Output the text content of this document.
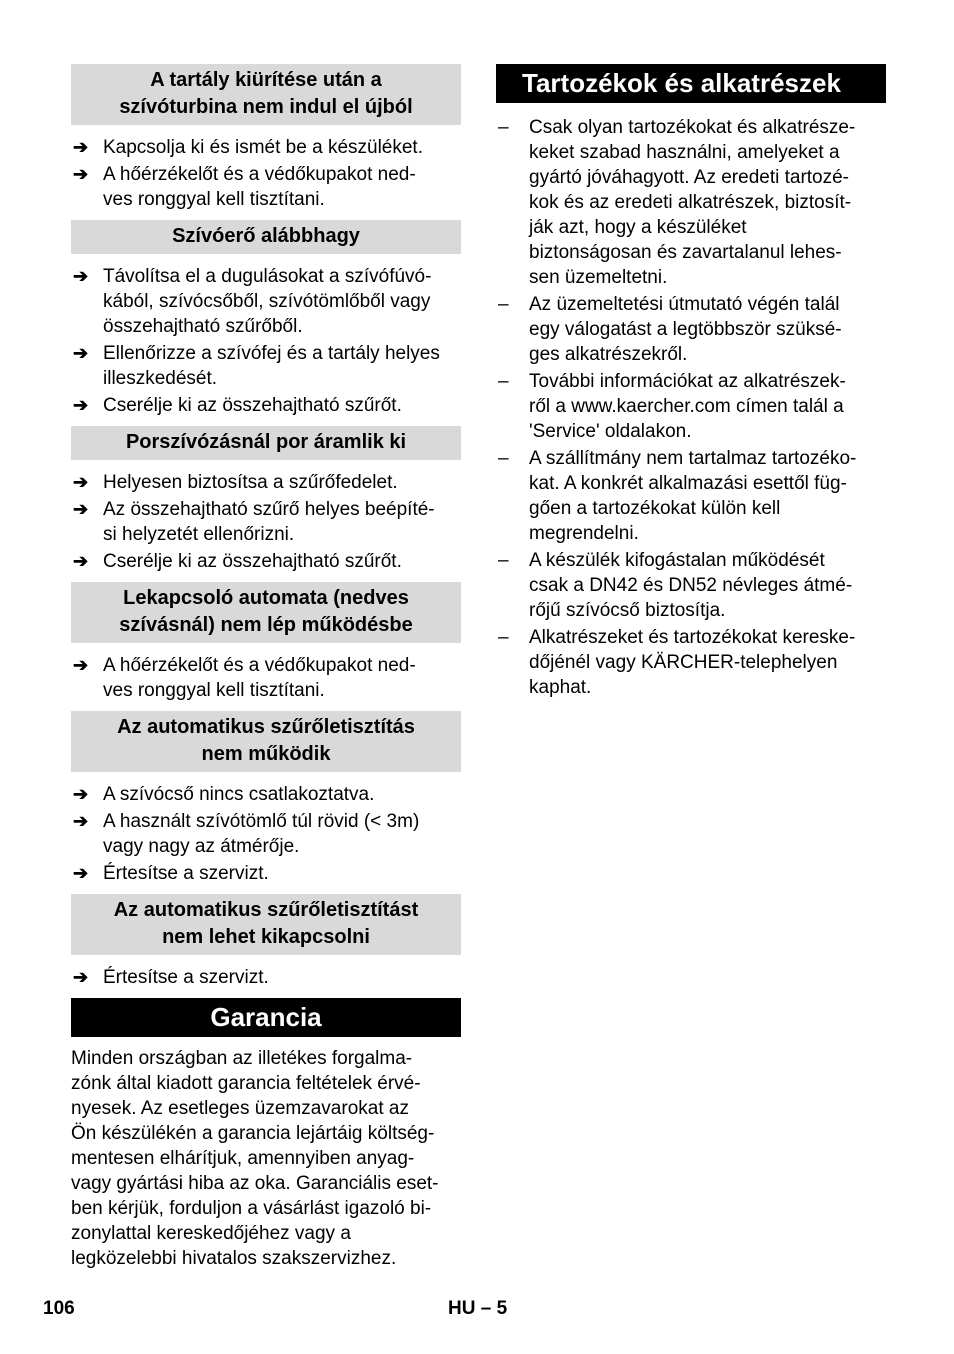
A tartály kiürítése után a
szívóturbina nem indul el újból
➔ Kapcsolja ki és ismét be a készüléket.
➔ A hőérzékelőt és a védőkupakot ned-
ves ronggyal kell tisztítani.
Szívóerő alábbhagy
➔ Távolítsa el a dugulásokat a szívófúvó-
kából, szívócsőből, szívótömlőből vagy
összehajtható szűrőből.
➔ Ellenőrizze a szívófej és a tartály helyes
illeszkedését.
➔ Cserélje ki az összehajtható szűrőt.
Porszívózásnál por áramlik ki
➔ Helyesen biztosítsa a szűrőfedelet.
➔ Az összehajtható szűrő helyes beépíté-
si helyzetét ellenőrizni.
➔ Cserélje ki az összehajtható szűrőt.
Lekapcsoló automata (nedves
szívásnál) nem lép működésbe
➔ A hőérzékelőt és a védőkupakot ned-
ves ronggyal kell tisztítani.
Az automatikus szűrőletisztítás
nem működik
➔ A szívócső nincs csatlakoztatva.
➔ A használt szívótömlő túl rövid (< 3m)
vagy nagy az átmérője.
➔ Értesítse a szervizt.
Az automatikus szűrőletisztítást
nem lehet kikapcsolni
➔ Értesítse a szervizt.
Garancia
Minden országban az illetékes forgalma-
zónk által kiadott garancia feltételek érvé-
nyesek. Az esetleges üzemzavarokat az
Ön készülékén a garancia lejártáig költség-
mentesen elhárítjuk, amennyiben anyag-
vagy gyártási hiba az oka. Garanciális eset-
ben kérjük, forduljon a vásárlást igazoló bi-
zonylattal kereskedőjéhez vagy a
legközelebbi hivatalos szakszervizhez.
Tartozékok és alkatrészek
– Csak olyan tartozékokat és alkatrésze-
keket szabad használni, amelyeket a
gyártó jóváhagyott. Az eredeti tartozé-
kok és az eredeti alkatrészek, biztosít-
ják azt, hogy a készüléket
biztonságosan és zavartalanul lehes-
sen üzemeltetni.
– Az üzemeltetési útmutató végén talál
egy válogatást a legtöbbször szüksé-
ges alkatrészekről.
– További információkat az alkatrészek-
ről a www.kaercher.com címen talál a
'Service' oldalakon.
– A szállítmány nem tartalmaz tartozéko-
kat. A konkrét alkalmazási esettől füg-
gően a tartozékokat külön kell
megrendelni.
– A készülék kifogástalan működését
csak a DN42 és DN52 névleges átmé-
rőjű szívócső biztosítja.
– Alkatrészeket és tartozékokat kereske-
dőjénél vagy KÄRCHER-telephelyen
kaphat.
106	HU – 5
